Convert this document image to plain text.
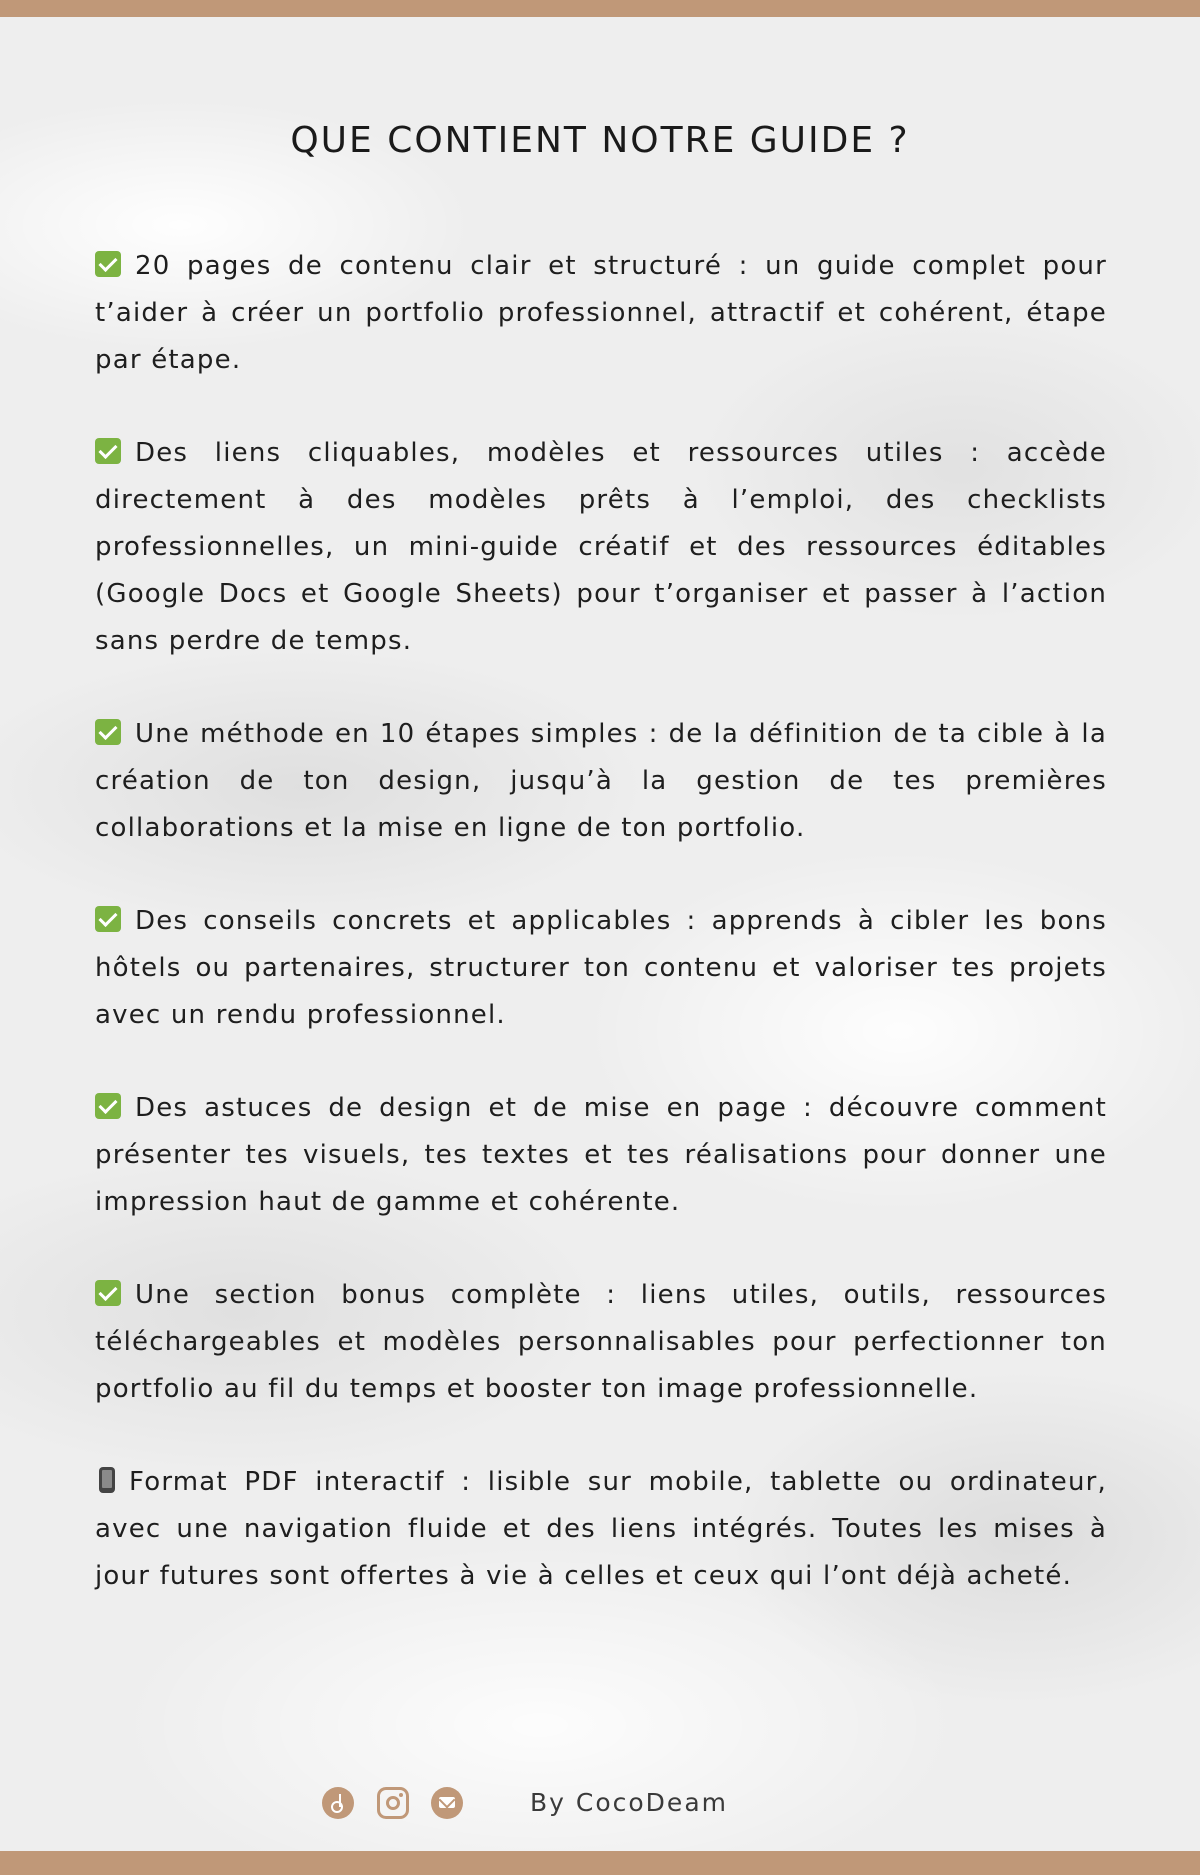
QUE CONTIENT NOTRE GUIDE ?

20 pages de contenu clair et structuré : un guide complet pour t’aider à créer un portfolio professionnel, attractif et cohérent, étape par étape.

Des liens cliquables, modèles et ressources utiles : accède directement à des modèles prêts à l’emploi, des checklists professionnelles, un mini-guide créatif et des ressources éditables (Google Docs et Google Sheets) pour t’organiser et passer à l’action sans perdre de temps.

Une méthode en 10 étapes simples : de la définition de ta cible à la création de ton design, jusqu’à la gestion de tes premières collaborations et la mise en ligne de ton portfolio.

Des conseils concrets et applicables : apprends à cibler les bons hôtels ou partenaires, structurer ton contenu et valoriser tes projets avec un rendu professionnel.

Des astuces de design et de mise en page : découvre comment présenter tes visuels, tes textes et tes réalisations pour donner une impression haut de gamme et cohérente.

Une section bonus complète : liens utiles, outils, ressources téléchargeables et modèles personnalisables pour perfectionner ton portfolio au fil du temps et booster ton image professionnelle.

Format PDF interactif : lisible sur mobile, tablette ou ordinateur, avec une navigation fluide et des liens intégrés. Toutes les mises à jour futures sont offertes à vie à celles et ceux qui l’ont déjà acheté.

By CocoDeam
